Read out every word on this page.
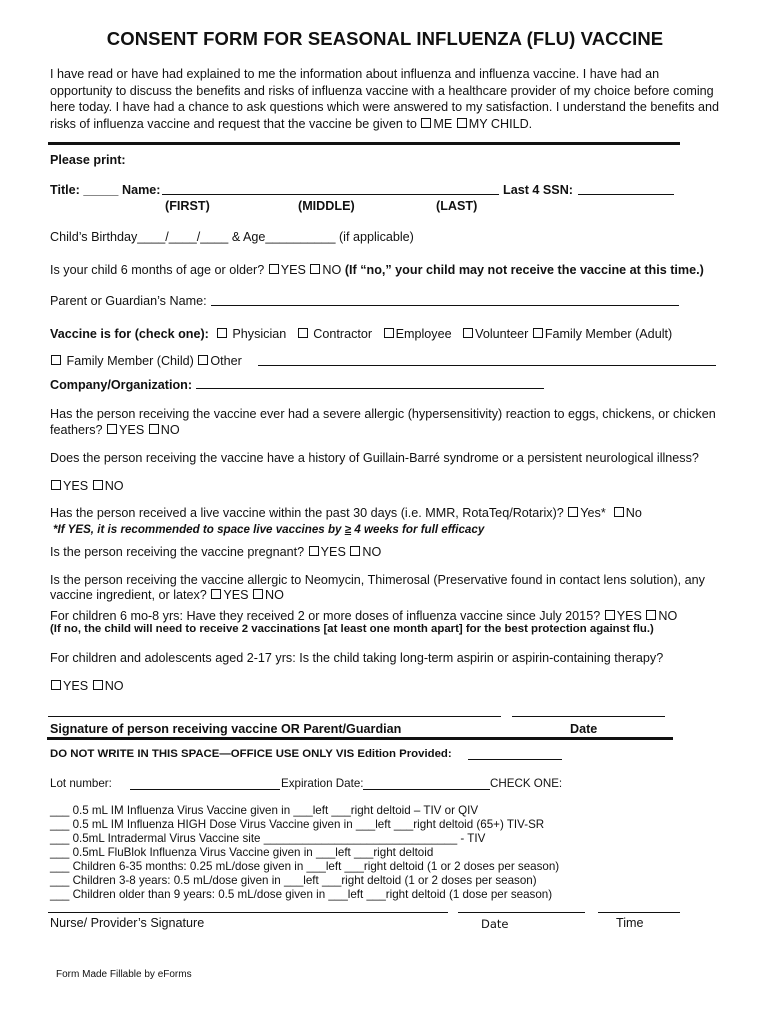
CONSENT FORM FOR SEASONAL INFLUENZA (FLU) VACCINE
I have read or have had explained to me the information about influenza and influenza vaccine. I have had an
opportunity to discuss the benefits and risks of influenza vaccine with a healthcare provider of my choice before coming
here today. I have had a chance to ask questions which were answered to my satisfaction. I understand the benefits and
risks of influenza vaccine and request that the vaccine be given to ME MY CHILD.
Please print:
Title: _____ Name:	Last 4 SSN:
(FIRST)	(MIDDLE)	(LAST)
Child’s Birthday____/____/____ & Age__________ (if applicable)
Is your child 6 months of age or older? YES NO (If “no,” your child may not receive the vaccine at this time.)
Parent or Guardian’s Name:
Vaccine is for (check one): Physician Contractor Employee Volunteer Family Member (Adult)
Family Member (Child) Other
Company/Organization:
Has the person receiving the vaccine ever had a severe allergic (hypersensitivity) reaction to eggs, chickens, or chicken
feathers? YES NO
Does the person receiving the vaccine have a history of Guillain-Barré syndrome or a persistent neurological illness?
YES NO
Has the person received a live vaccine within the past 30 days (i.e. MMR, RotaTeq/Rotarix)? Yes* No
*If YES, it is recommended to space live vaccines by ≥ 4 weeks for full efficacy
Is the person receiving the vaccine pregnant? YES NO
Is the person receiving the vaccine allergic to Neomycin, Thimerosal (Preservative found in contact lens solution), any
vaccine ingredient, or latex? YES NO
For children 6 mo-8 yrs: Have they received 2 or more doses of influenza vaccine since July 2015? YES NO
(If no, the child will need to receive 2 vaccinations [at least one month apart] for the best protection against flu.)
For children and adolescents aged 2-17 yrs: Is the child taking long-term aspirin or aspirin-containing therapy?
YES NO
Signature of person receiving vaccine OR Parent/Guardian	Date
DO NOT WRITE IN THIS SPACE—OFFICE USE ONLY VIS Edition Provided:
Lot number:	Expiration Date:	CHECK ONE:
___ 0.5 mL IM Influenza Virus Vaccine given in ___left ___right deltoid – TIV or QIV
___ 0.5 mL IM Influenza HIGH Dose Virus Vaccine given in ___left ___right deltoid (65+) TIV-SR
___ 0.5mL Intradermal Virus Vaccine site ______________________________ - TIV
___ 0.5mL FluBlok Influenza Virus Vaccine given in ___left ___right deltoid
___ Children 6-35 months: 0.25 mL/dose given in ___left ___right deltoid (1 or 2 doses per season)
___ Children 3-8 years: 0.5 mL/dose given in ___left ___right deltoid (1 or 2 doses per season)
___ Children older than 9 years: 0.5 mL/dose given in ___left ___right deltoid (1 dose per season)
Nurse/ Provider’s Signature	Date	Time
Form Made Fillable by eForms
